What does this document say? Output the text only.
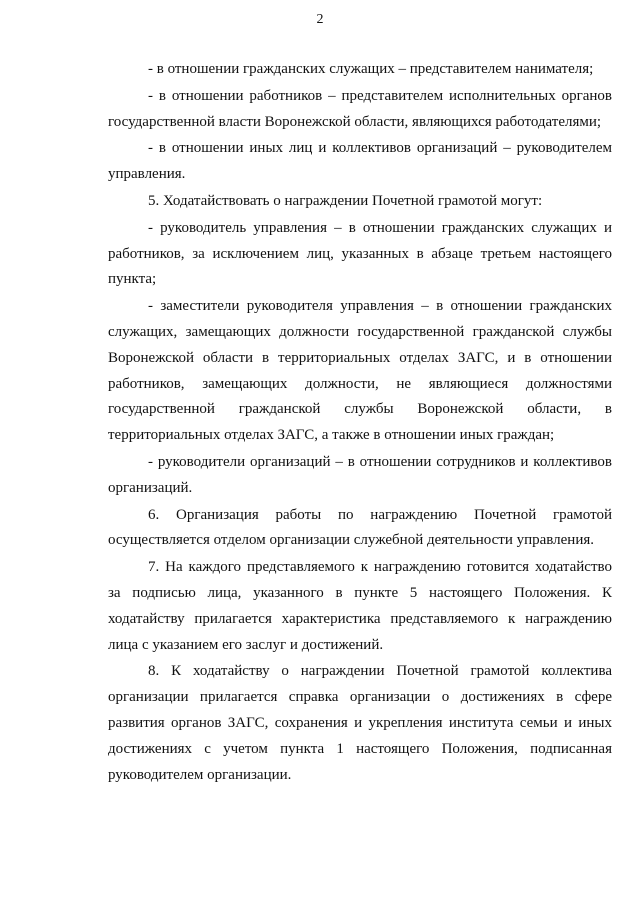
2

- в отношении гражданских служащих – представителем нанимателя;

- в отношении работников – представителем исполнительных органов государственной власти Воронежской области, являющихся работодателями;

- в отношении иных лиц и коллективов организаций – руководителем управления.

5. Ходатайствовать о награждении Почетной грамотой могут:

- руководитель управления – в отношении гражданских служащих и работников, за исключением лиц, указанных в абзаце третьем настоящего пункта;

- заместители руководителя управления – в отношении гражданских служащих, замещающих должности государственной гражданской службы Воронежской области в территориальных отделах ЗАГС, и в отношении работников, замещающих должности, не являющиеся должностями государственной гражданской службы Воронежской области, в территориальных отделах ЗАГС, а также в отношении иных граждан;

- руководители организаций – в отношении сотрудников и коллективов организаций.

6. Организация работы по награждению Почетной грамотой осуществляется отделом организации служебной деятельности управления.

7. На каждого представляемого к награждению готовится ходатайство за подписью лица, указанного в пункте 5 настоящего Положения. К ходатайству прилагается характеристика представляемого к награждению лица с указанием его заслуг и достижений.

8. К ходатайству о награждении Почетной грамотой коллектива организации прилагается справка организации о достижениях в сфере развития органов ЗАГС, сохранения и укрепления института семьи и иных достижениях с учетом пункта 1 настоящего Положения, подписанная руководителем организации.
